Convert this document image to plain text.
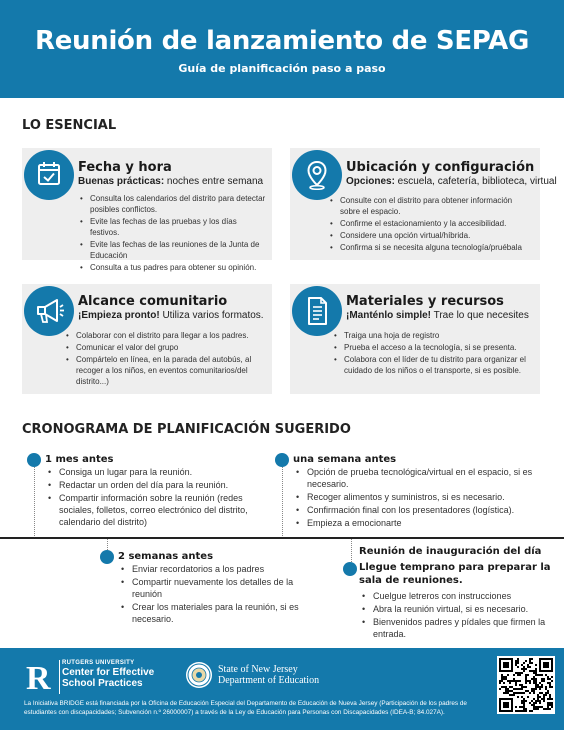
Reunión de lanzamiento de SEPAG
Guía de planificación paso a paso
LO ESENCIAL
Fecha y hora
Buenas prácticas: noches entre semana
• Consulta los calendarios del distrito para detectar posibles conflictos.
• Evite las fechas de las pruebas y los días festivos.
• Evite las fechas de las reuniones de la Junta de Educación
• Consulta a tus padres para obtener su opinión.
Ubicación y configuración
Opciones: escuela, cafetería, biblioteca, virtual
• Consulte con el distrito para obtener información sobre el espacio.
• Confirme el estacionamiento y la accesibilidad.
• Considere una opción virtual/híbrida.
• Confirma si se necesita alguna tecnología/pruébala
Alcance comunitario
¡Empieza pronto! Utiliza varios formatos.
• Colaborar con el distrito para llegar a los padres.
• Comunicar el valor del grupo
• Compártelo en línea, en la parada del autobús, al recoger a los niños, en eventos comunitarios/del distrito...)
Materiales y recursos
¡Manténlo simple! Trae lo que necesites
• Traiga una hoja de registro
• Prueba el acceso a la tecnología, si se presenta.
• Colabora con el líder de tu distrito para organizar el cuidado de los niños o el transporte, si es posible.
CRONOGRAMA DE PLANIFICACIÓN SUGERIDO
1 mes antes
• Consiga un lugar para la reunión.
• Redactar un orden del día para la reunión.
• Compartir información sobre la reunión (redes sociales, folletos, correo electrónico del distrito, calendario del distrito)
una semana antes
• Opción de prueba tecnológica/virtual en el espacio, si es necesario.
• Recoger alimentos y suministros, si es necesario.
• Confirmación final con los presentadores (logística).
• Empieza a emocionarte
2 semanas antes
• Enviar recordatorios a los padres
• Compartir nuevamente los detalles de la reunión
• Crear los materiales para la reunión, si es necesario.
Reunión de inauguración del día
Llegue temprano para preparar la sala de reuniones.
• Cuelgue letreros con instrucciones
• Abra la reunión virtual, si es necesario.
• Bienvenidos padres y pídales que firmen la entrada.
R RUTGERS UNIVERSITY
Center for Effective School Practices
State of New Jersey
Department of Education
La Iniciativa BRIDGE está financiada por la Oficina de Educación Especial del Departamento de Educación de Nueva Jersey (Participación de los padres de estudiantes con discapacidades; Subvención n.º 26000007) a través de la Ley de Educación para Personas con Discapacidades (IDEA-B; 84.027A).
